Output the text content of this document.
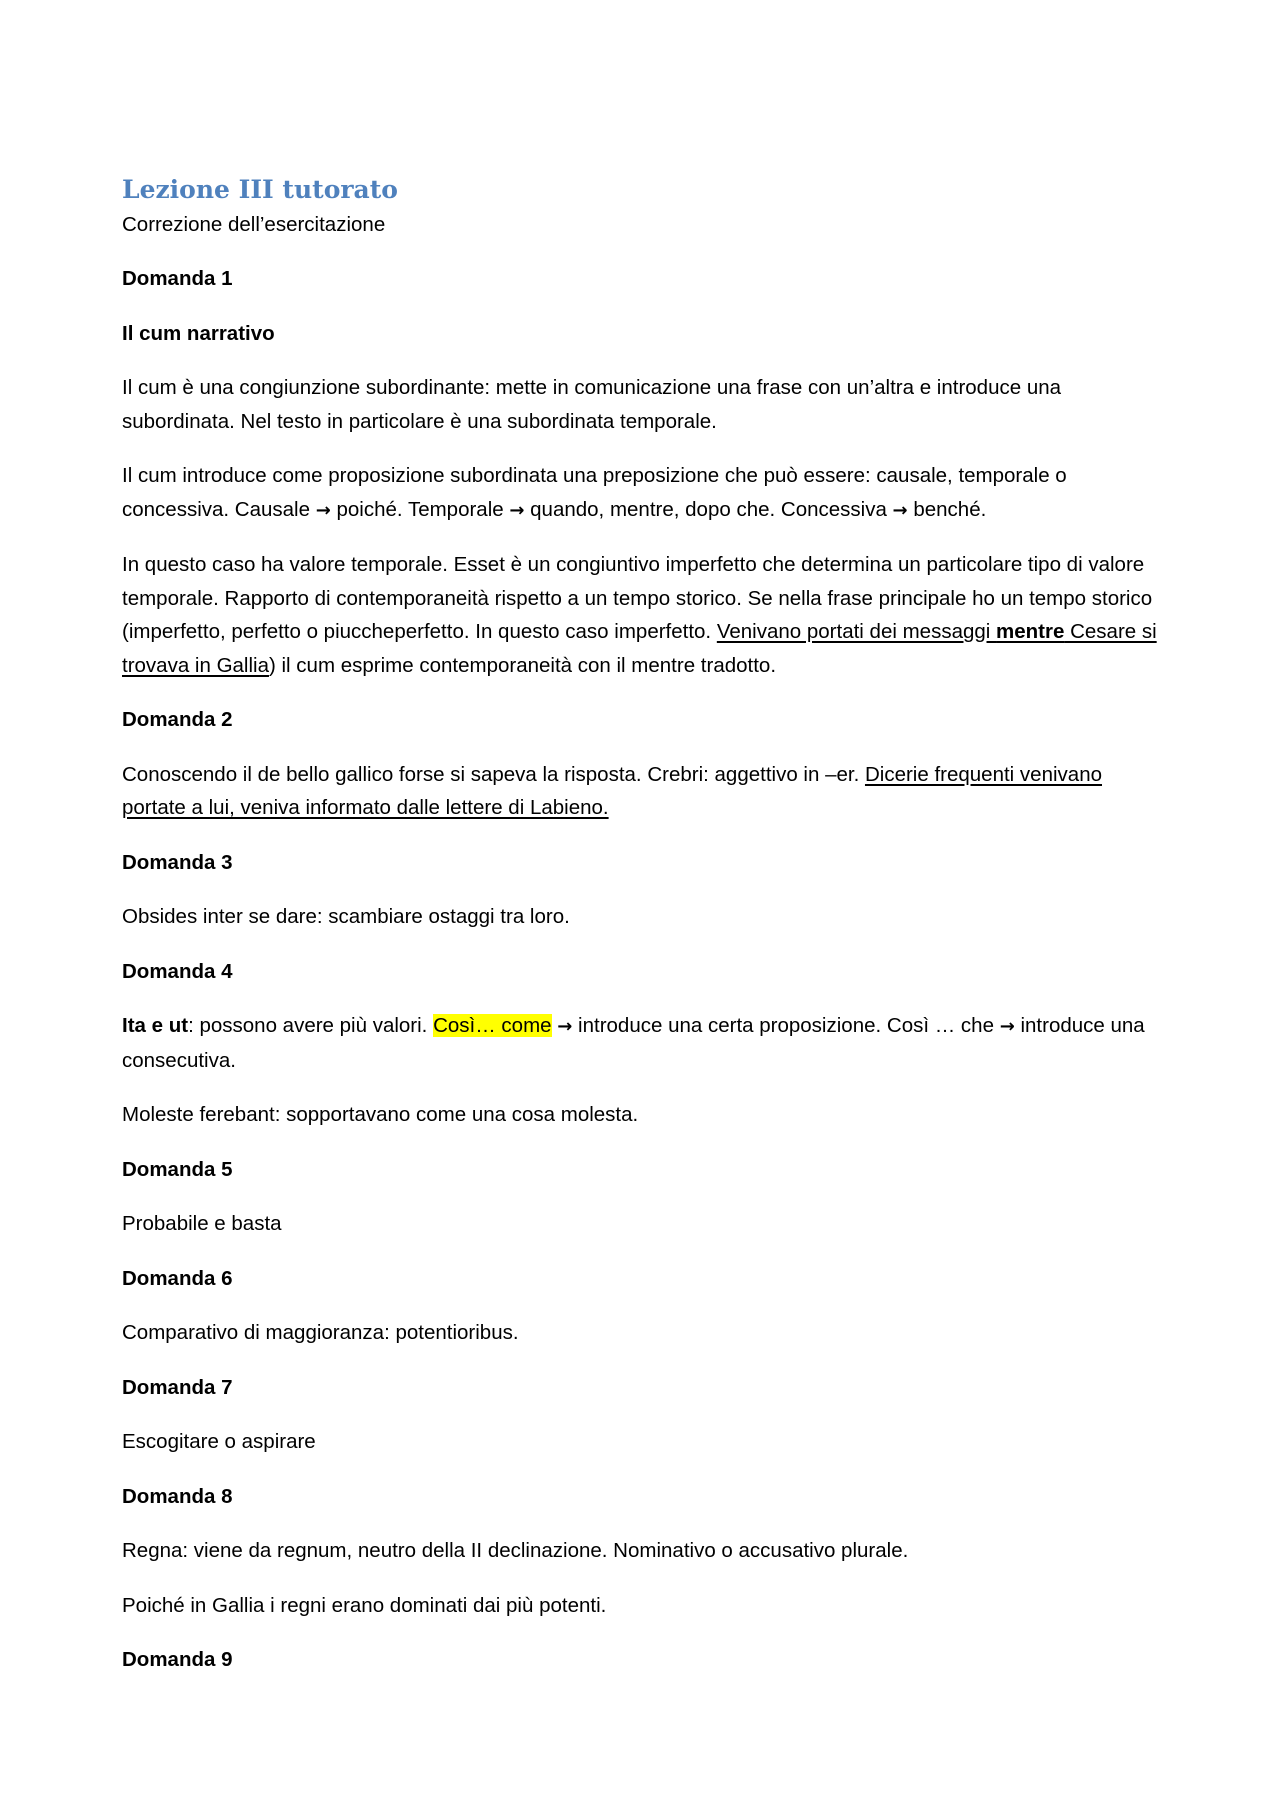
Lezione III tutorato
Correzione dell’esercitazione

Domanda 1

Il cum narrativo

Il cum è una congiunzione subordinante: mette in comunicazione una frase con un’altra e introduce una subordinata. Nel testo in particolare è una subordinata temporale.

Il cum introduce come proposizione subordinata una preposizione che può essere: causale, temporale o concessiva. Causale → poiché. Temporale → quando, mentre, dopo che. Concessiva → benché.

In questo caso ha valore temporale. Esset è un congiuntivo imperfetto che determina un particolare tipo di valore temporale. Rapporto di contemporaneità rispetto a un tempo storico. Se nella frase principale ho un tempo storico (imperfetto, perfetto o piuccheperfetto. In questo caso imperfetto. Venivano portati dei messaggi mentre Cesare si trovava in Gallia) il cum esprime contemporaneità con il mentre tradotto.

Domanda 2

Conoscendo il de bello gallico forse si sapeva la risposta. Crebri: aggettivo in –er. Dicerie frequenti venivano portate a lui, veniva informato dalle lettere di Labieno.

Domanda 3

Obsides inter se dare: scambiare ostaggi tra loro.

Domanda 4

Ita e ut: possono avere più valori. Così… come → introduce una certa proposizione. Così … che → introduce una consecutiva.

Moleste ferebant: sopportavano come una cosa molesta.

Domanda 5

Probabile e basta

Domanda 6

Comparativo di maggioranza: potentioribus.

Domanda 7

Escogitare o aspirare

Domanda 8

Regna: viene da regnum, neutro della II declinazione. Nominativo o accusativo plurale.

Poiché in Gallia i regni erano dominati dai più potenti.

Domanda 9
